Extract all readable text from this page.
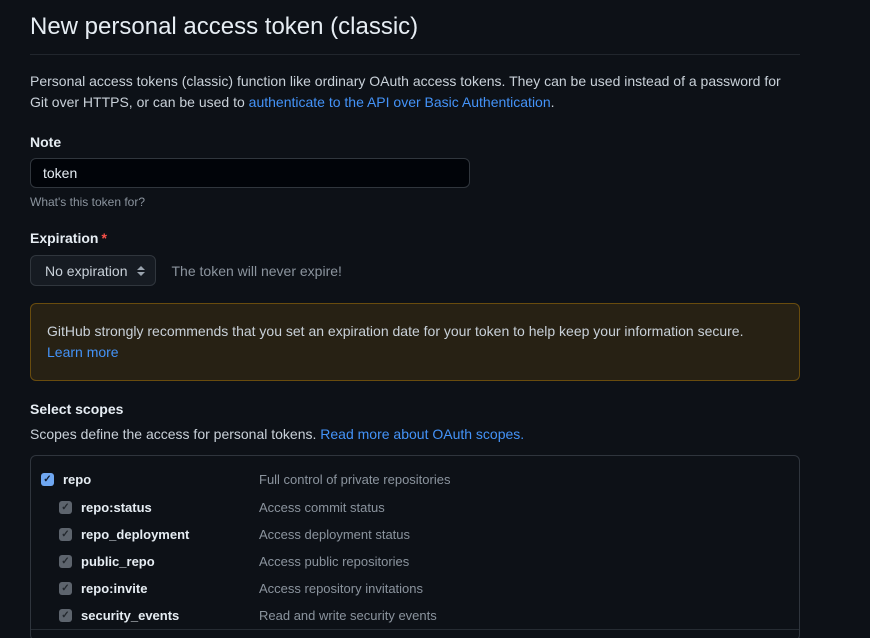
New personal access token (classic)

Personal access tokens (classic) function like ordinary OAuth access tokens. They can be used instead of a password for Git over HTTPS, or can be used to authenticate to the API over Basic Authentication.

Note
token

What's this token for?

Expiration *
No expiration	The token will never expire!
GitHub strongly recommends that you set an expiration date for your token to help keep your information secure.
Learn more
Select scopes

Scopes define the access for personal tokens. Read more about OAuth scopes.

✓ repo	Full control of private repositories
✓ repo:status	Access commit status
✓ repo_deployment	Access deployment status
✓ public_repo	Access public repositories
✓ repo:invite	Access repository invitations
✓ security_events	Read and write security events
